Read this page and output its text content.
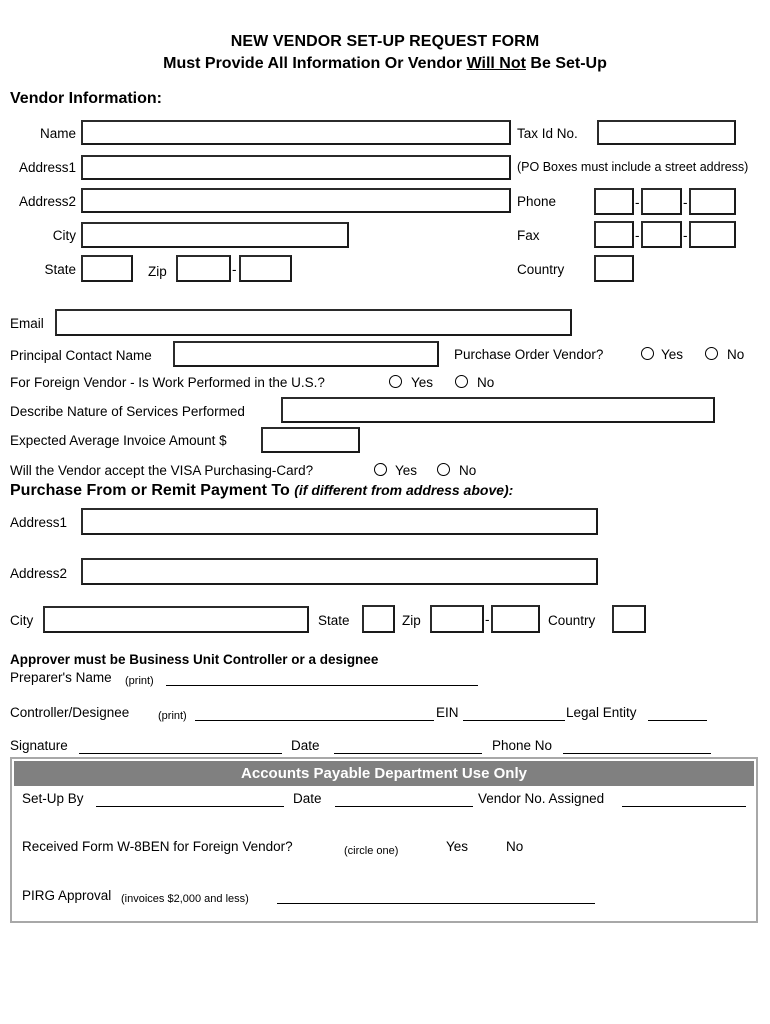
NEW VENDOR SET-UP REQUEST FORM
Must Provide All Information Or Vendor Will Not Be Set-Up
Vendor Information:
Name	Tax Id No.
Address1	(PO Boxes must include a street address)
Address2	Phone	-	-
City	Fax	-	-
State	Zip	-	Country
Email
Principal Contact Name	Purchase Order Vendor?	Yes	No
For Foreign Vendor - Is Work Performed in the U.S.?	Yes	No
Describe Nature of Services Performed
Expected Average Invoice Amount $
Will the Vendor accept the VISA Purchasing-Card?	Yes	No
Purchase From or Remit Payment To (if different from address above):
Address1
Address2
City	State	Zip	-	Country
Approver must be Business Unit Controller or a designee
Preparer's Name (print)
Controller/Designee	(print)	EIN	Legal Entity
Signature	Date	Phone No
Accounts Payable Department Use Only
Set-Up By	Date	Vendor No. Assigned
Received Form W-8BEN for Foreign Vendor?	(circle one)	Yes	No
PIRG Approval (invoices $2,000 and less)
